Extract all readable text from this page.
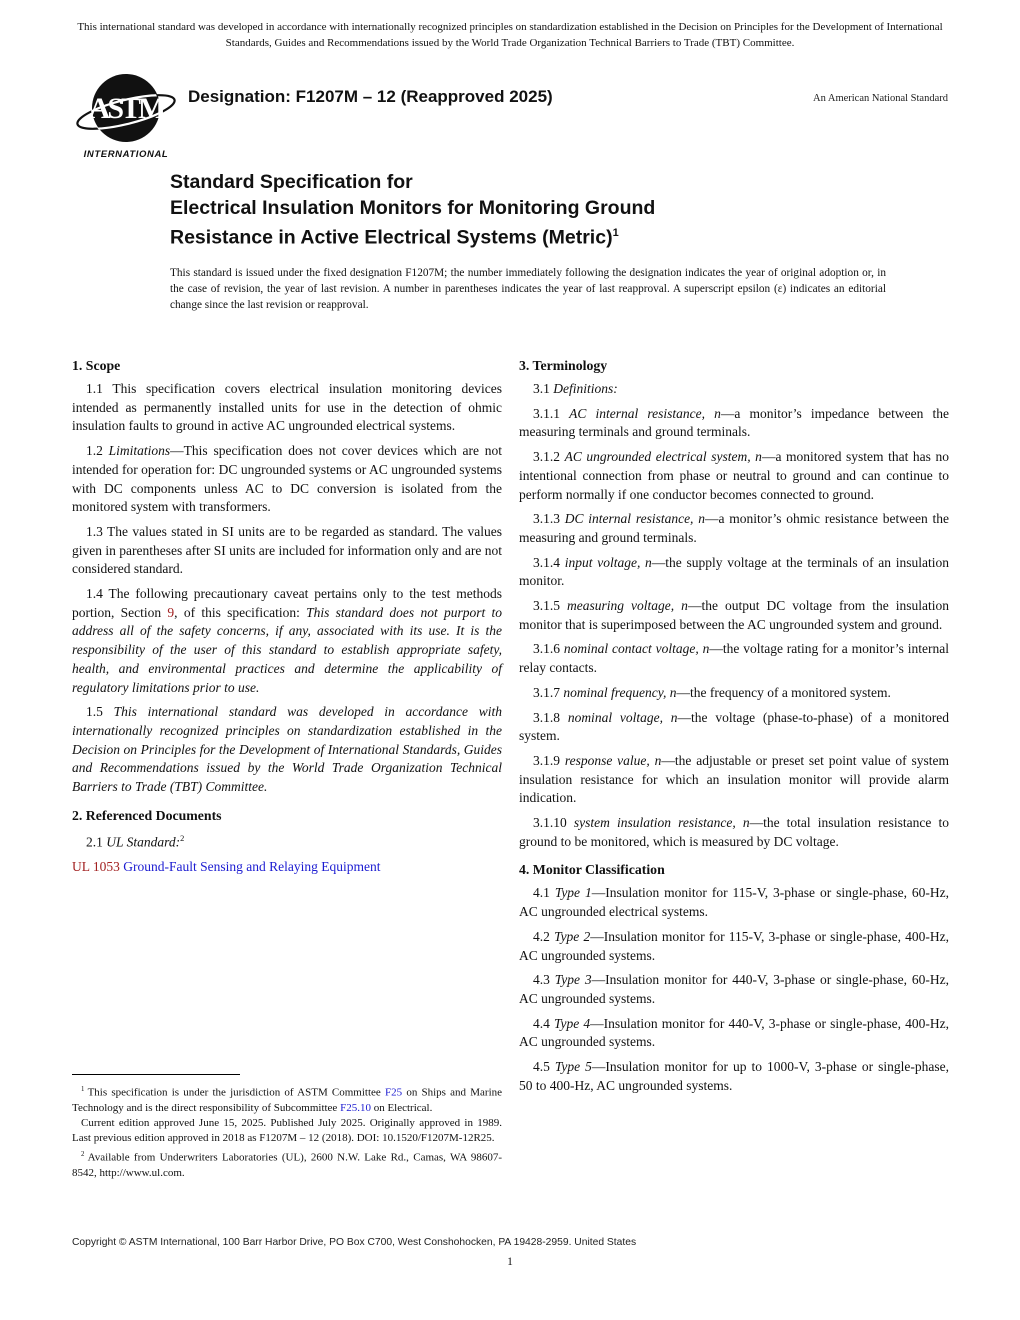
This international standard was developed in accordance with internationally recognized principles on standardization established in the Decision on Principles for the Development of International Standards, Guides and Recommendations issued by the World Trade Organization Technical Barriers to Trade (TBT) Committee.
ASTM
INTERNATIONAL
Designation: F1207M – 12 (Reapproved 2025)	An American National Standard
Standard Specification for
Electrical Insulation Monitors for Monitoring Ground
Resistance in Active Electrical Systems (Metric)$^1$
This standard is issued under the fixed designation F1207M; the number immediately following the designation indicates the year of original adoption or, in the case of revision, the year of last revision. A number in parentheses indicates the year of last reapproval. A superscript epsilon (ε) indicates an editorial change since the last revision or reapproval.
1. Scope

1.1 This specification covers electrical insulation monitoring devices intended as permanently installed units for use in the detection of ohmic insulation faults to ground in active AC ungrounded electrical systems.

1.2 Limitations—This specification does not cover devices which are not intended for operation for: DC ungrounded systems or AC ungrounded systems with DC components unless AC to DC conversion is isolated from the monitored system with transformers.

1.3 The values stated in SI units are to be regarded as standard. The values given in parentheses after SI units are included for information only and are not considered standard.

1.4 The following precautionary caveat pertains only to the test methods portion, Section 9, of this specification: This standard does not purport to address all of the safety concerns, if any, associated with its use. It is the responsibility of the user of this standard to establish appropriate safety, health, and environmental practices and determine the applicability of regulatory limitations prior to use.

1.5 This international standard was developed in accordance with internationally recognized principles on standardization established in the Decision on Principles for the Development of International Standards, Guides and Recommendations issued by the World Trade Organization Technical Barriers to Trade (TBT) Committee.

2. Referenced Documents

2.1 UL Standard:$^2$

UL 1053 Ground-Fault Sensing and Relaying Equipment

$^1$ This specification is under the jurisdiction of ASTM Committee F25 on Ships and Marine Technology and is the direct responsibility of Subcommittee F25.10 on Electrical.

Current edition approved June 15, 2025. Published July 2025. Originally approved in 1989. Last previous edition approved in 2018 as F1207M – 12 (2018). DOI: 10.1520/F1207M-12R25.

$^2$ Available from Underwriters Laboratories (UL), 2600 N.W. Lake Rd., Camas, WA 98607-8542, http://www.ul.com.

3. Terminology

3.1 Definitions:

3.1.1 AC internal resistance, n—a monitor’s impedance between the measuring terminals and ground terminals.

3.1.2 AC ungrounded electrical system, n—a monitored system that has no intentional connection from phase or neutral to ground and can continue to perform normally if one conductor becomes connected to ground.

3.1.3 DC internal resistance, n—a monitor’s ohmic resistance between the measuring and ground terminals.

3.1.4 input voltage, n—the supply voltage at the terminals of an insulation monitor.

3.1.5 measuring voltage, n—the output DC voltage from the insulation monitor that is superimposed between the AC ungrounded system and ground.

3.1.6 nominal contact voltage, n—the voltage rating for a monitor’s internal relay contacts.

3.1.7 nominal frequency, n—the frequency of a monitored system.

3.1.8 nominal voltage, n—the voltage (phase-to-phase) of a monitored system.

3.1.9 response value, n—the adjustable or preset set point value of system insulation resistance for which an insulation monitor will provide alarm indication.

3.1.10 system insulation resistance, n—the total insulation resistance to ground to be monitored, which is measured by DC voltage.

4. Monitor Classification

4.1 Type 1—Insulation monitor for 115-V, 3-phase or single-phase, 60-Hz, AC ungrounded electrical systems.

4.2 Type 2—Insulation monitor for 115-V, 3-phase or single-phase, 400-Hz, AC ungrounded systems.

4.3 Type 3—Insulation monitor for 440-V, 3-phase or single-phase, 60-Hz, AC ungrounded systems.

4.4 Type 4—Insulation monitor for 440-V, 3-phase or single-phase, 400-Hz, AC ungrounded systems.

4.5 Type 5—Insulation monitor for up to 1000-V, 3-phase or single-phase, 50 to 400-Hz, AC ungrounded systems.

Copyright © ASTM International, 100 Barr Harbor Drive, PO Box C700, West Conshohocken, PA 19428-2959. United States
1
